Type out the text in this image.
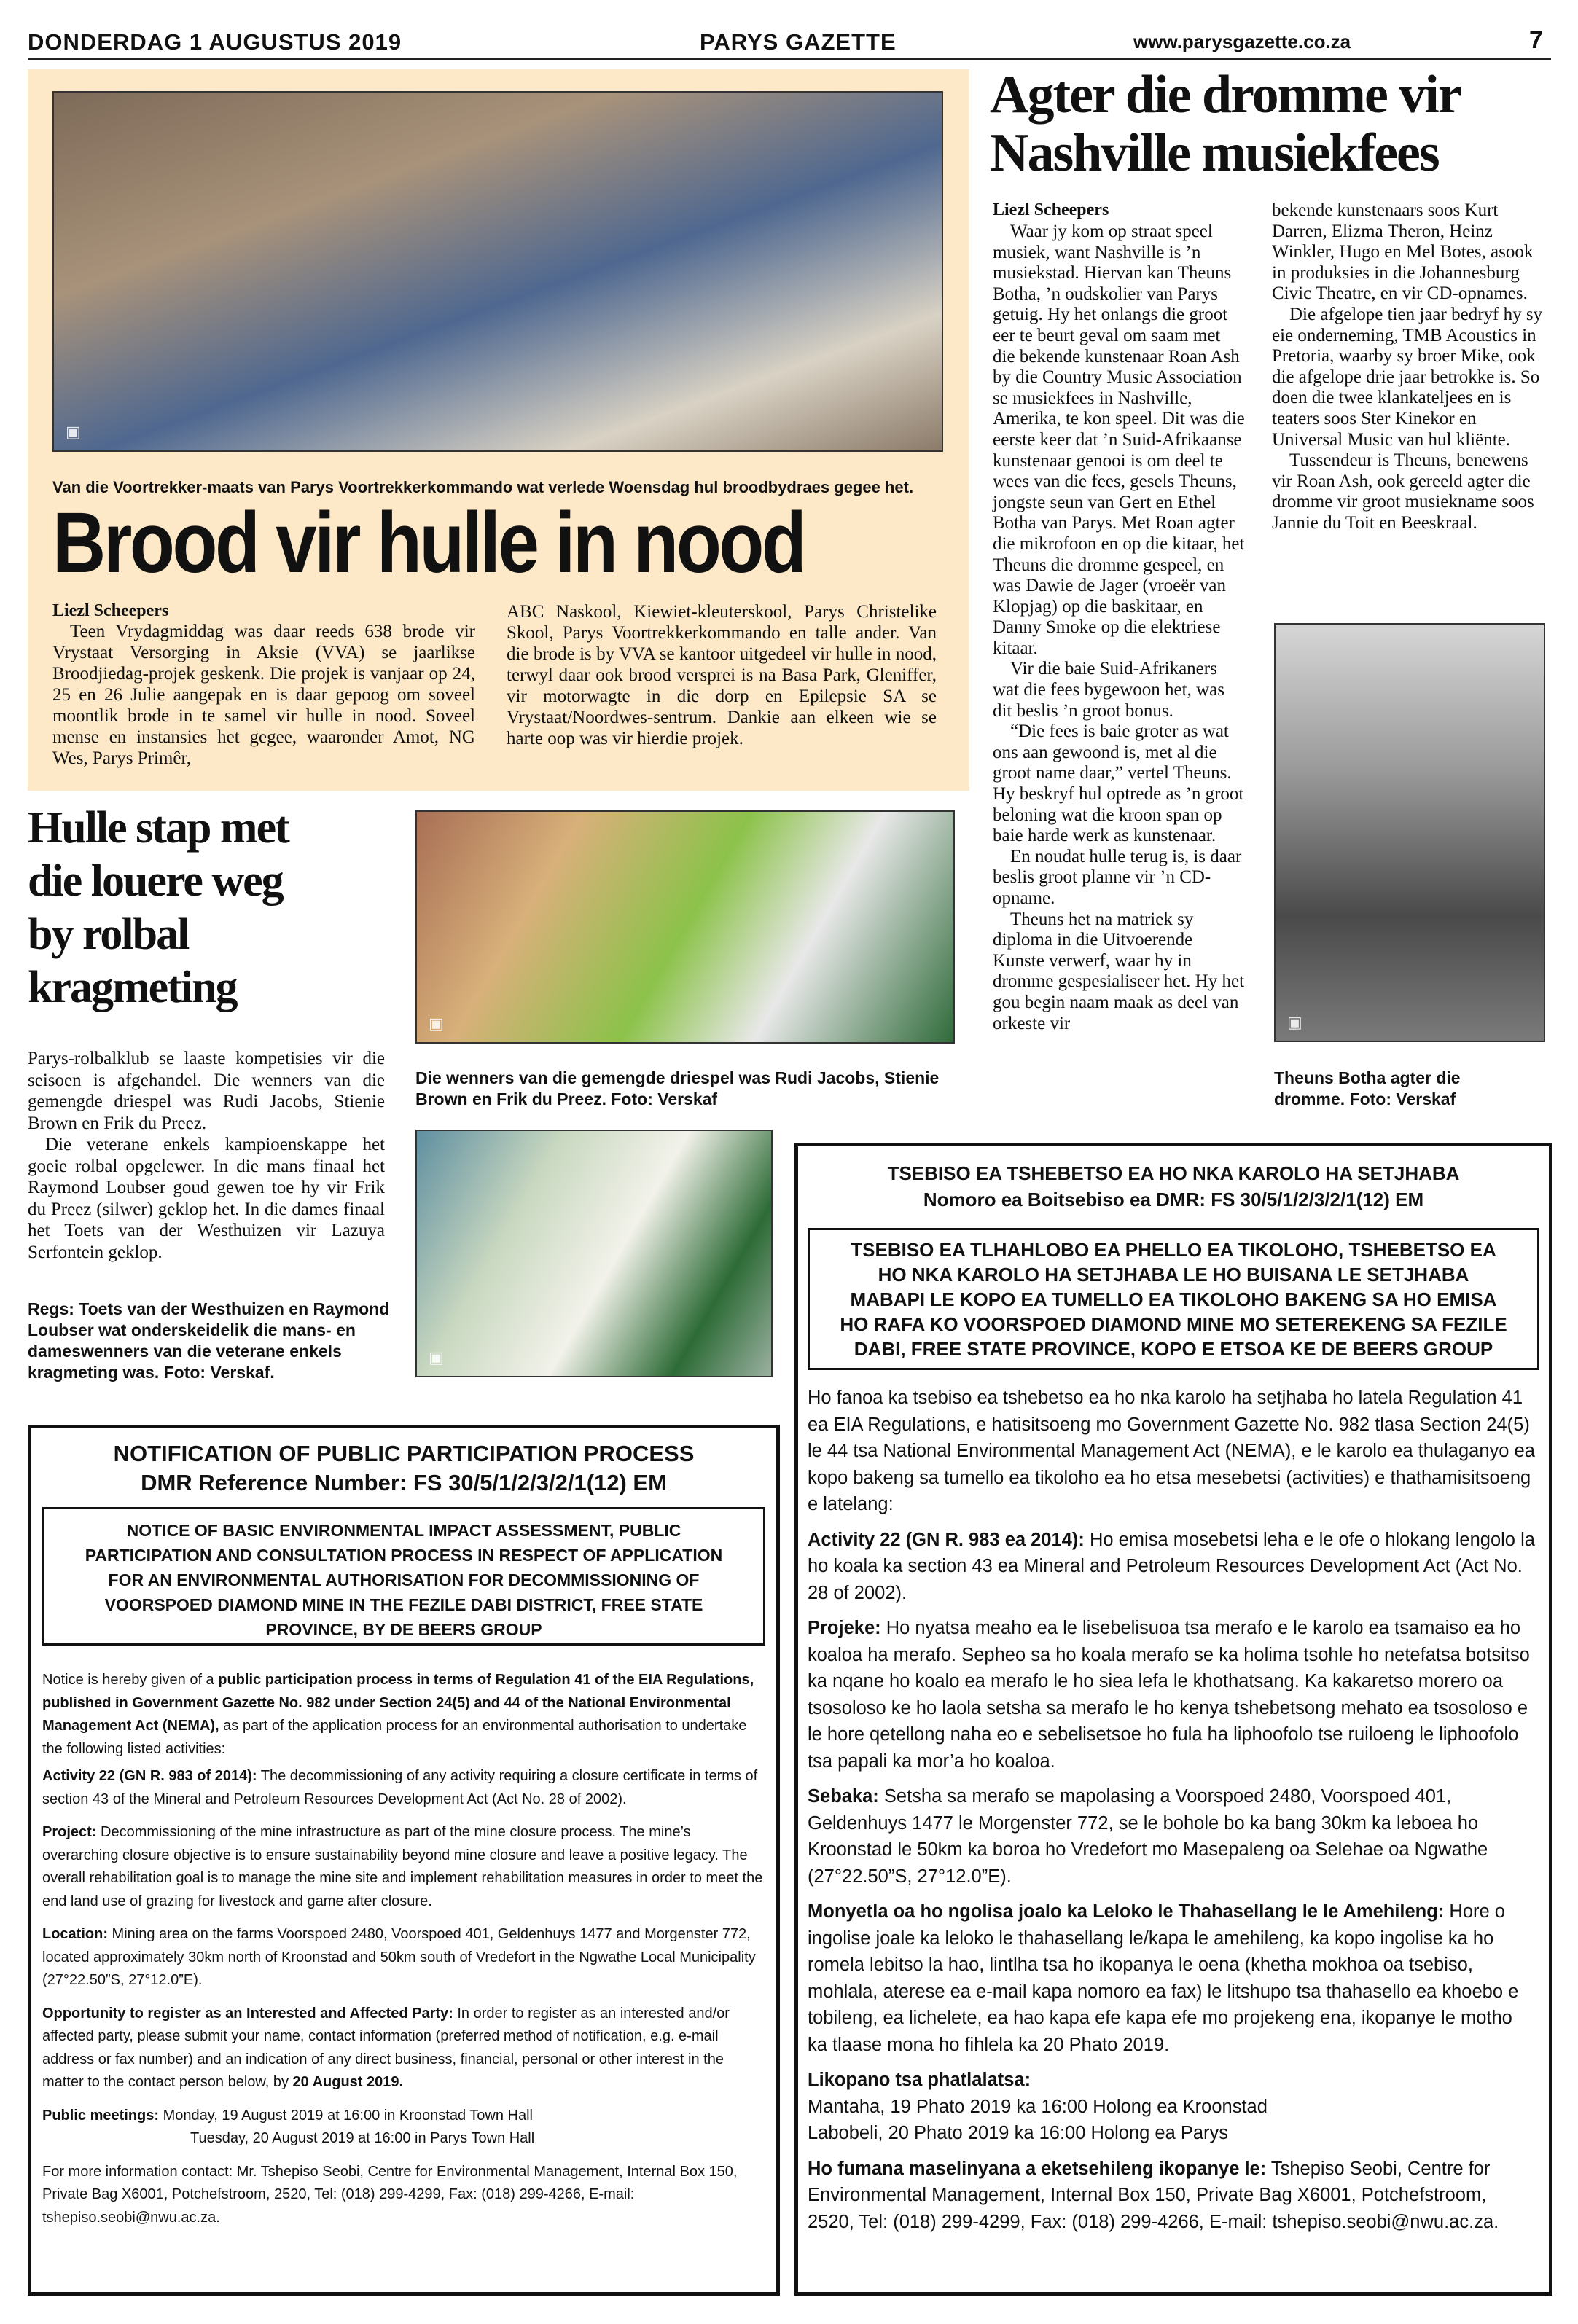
DONDERDAG 1 AUGUSTUS 2019	PARYS GAZETTE	www.parysgazette.co.za	7
▣
Van die Voortrekker-maats van Parys Voortrekkerkommando wat verlede Woensdag hul broodbydraes gegee het.
Brood vir hulle in nood
Liezl Scheepers

Teen Vrydagmiddag was daar reeds 638 brode vir Vrystaat Versorging in Aksie (VVA) se jaarlikse Broodjiedag-projek geskenk. Die projek is vanjaar op 24, 25 en 26 Julie aangepak en is daar gepoog om soveel moontlik brode in te samel vir hulle in nood. Soveel mense en instansies het gegee, waaronder Amot, NG Wes, Parys Primêr,

ABC Naskool, Kiewiet-kleuterskool, Parys Christelike Skool, Parys Voortrekkerkommando en talle ander. Van die brode is by VVA se kantoor uitgedeel vir hulle in nood, terwyl daar ook brood versprei is na Basa Park, Gleniffer, vir motorwagte in die dorp en Epilepsie SA se Vrystaat/Noordwes-sentrum. Dankie aan elkeen wie se harte oop was vir hierdie projek.
Agter die dromme vir
Nashville musiekfees
Liezl Scheepers

Waar jy kom op straat speel musiek, want Nashville is ’n musiekstad. Hiervan kan Theuns Botha, ’n oudskolier van Parys getuig. Hy het onlangs die groot eer te beurt geval om saam met die bekende kunstenaar Roan Ash by die Country Music Association se musiekfees in Nashville, Amerika, te kon speel. Dit was die eerste keer dat ’n Suid-Afrikaanse kunstenaar genooi is om deel te wees van die fees, gesels Theuns, jongste seun van Gert en Ethel Botha van Parys. Met Roan agter die mikrofoon en op die kitaar, het Theuns die dromme gespeel, en was Dawie de Jager (vroeër van Klopjag) op die baskitaar, en Danny Smoke op die elektriese kitaar.

Vir die baie Suid-Afrikaners wat die fees bygewoon het, was dit beslis ’n groot bonus.

“Die fees is baie groter as wat ons aan gewoond is, met al die groot name daar,” vertel Theuns. Hy beskryf hul optrede as ’n groot beloning wat die kroon span op baie harde werk as kunstenaar.

En noudat hulle terug is, is daar beslis groot planne vir ’n CD-opname.

Theuns het na matriek sy diploma in die Uitvoerende Kunste verwerf, waar hy in dromme gespesialiseer het. Hy het gou begin naam maak as deel van orkeste vir

bekende kunstenaars soos Kurt Darren, Elizma Theron, Heinz Winkler, Hugo en Mel Botes, asook in produksies in die Johannesburg Civic Theatre, en vir CD-opnames.

Die afgelope tien jaar bedryf hy sy eie onderneming, TMB Acoustics in Pretoria, waarby sy broer Mike, ook die afgelope drie jaar betrokke is. So doen die twee klankateljees en is teaters soos Ster Kinekor en Universal Music van hul kliënte.

Tussendeur is Theuns, benewens vir Roan Ash, ook gereeld agter die dromme vir groot musiekname soos Jannie du Toit en Beeskraal.

▣
Theuns Botha agter die dromme. Foto: Verskaf
Hulle stap met
die louere weg
by rolbal
kragmeting

Parys-rolbalklub se laaste kompetisies vir die seisoen is afgehandel. Die wenners van die gemengde driespel was Rudi Jacobs, Stienie Brown en Frik du Preez.

Die veterane enkels kampioenskappe het goeie rolbal opgelewer. In die mans finaal het Raymond Loubser goud gewen toe hy vir Frik du Preez (silwer) geklop het. In die dames finaal het Toets van der Westhuizen vir Lazuya Serfontein geklop.

Regs: Toets van der Westhuizen en Raymond Loubser wat onderskeidelik die mans- en dameswenners van die veterane enkels kragmeting was. Foto: Verskaf.
▣
Die wenners van die gemengde driespel was Rudi Jacobs, Stienie Brown en Frik du Preez. Foto: Verskaf
▣
NOTIFICATION OF PUBLIC PARTICIPATION PROCESS
DMR Reference Number: FS 30/5/1/2/3/2/1(12) EM
NOTICE OF BASIC ENVIRONMENTAL IMPACT ASSESSMENT, PUBLIC PARTICIPATION AND CONSULTATION PROCESS IN RESPECT OF APPLICATION FOR AN ENVIRONMENTAL AUTHORISATION FOR DECOMMISSIONING OF VOORSPOED DIAMOND MINE IN THE FEZILE DABI DISTRICT, FREE STATE PROVINCE, BY DE BEERS GROUP
Notice is hereby given of a public participation process in terms of Regulation 41 of the EIA Regulations, published in Government Gazette No. 982 under Section 24(5) and 44 of the National Environmental Management Act (NEMA), as part of the application process for an environmental authorisation to undertake the following listed activities:
Activity 22 (GN R. 983 of 2014): The decommissioning of any activity requiring a closure certificate in terms of section 43 of the Mineral and Petroleum Resources Development Act (Act No. 28 of 2002).
Project: Decommissioning of the mine infrastructure as part of the mine closure process. The mine’s overarching closure objective is to ensure sustainability beyond mine closure and leave a positive legacy. The overall rehabilitation goal is to manage the mine site and implement rehabilitation measures in order to meet the end land use of grazing for livestock and game after closure.
Location: Mining area on the farms Voorspoed 2480, Voorspoed 401, Geldenhuys 1477 and Morgenster 772, located approximately 30km north of Kroonstad and 50km south of Vredefort in the Ngwathe Local Municipality (27°22.50”S, 27°12.0”E).
Opportunity to register as an Interested and Affected Party: In order to register as an interested and/or affected party, please submit your name, contact information (preferred method of notification, e.g. e-mail address or fax number) and an indication of any direct business, financial, personal or other interest in the matter to the contact person below, by 20 August 2019.
Public meetings: Monday, 19 August 2019 at 16:00 in Kroonstad Town Hall
Tuesday, 20 August 2019 at 16:00 in Parys Town Hall
For more information contact: Mr. Tshepiso Seobi, Centre for Environmental Management, Internal Box 150, Private Bag X6001, Potchefstroom, 2520, Tel: (018) 299-4299, Fax: (018) 299-4266, E-mail: tshepiso.seobi@nwu.ac.za.
TSEBISO EA TSHEBETSO EA HO NKA KAROLO HA SETJHABA
Nomoro ea Boitsebiso ea DMR: FS 30/5/1/2/3/2/1(12) EM
TSEBISO EA TLHAHLOBO EA PHELLO EA TIKOLOHO, TSHEBETSO EA HO NKA KAROLO HA SETJHABA LE HO BUISANA LE SETJHABA MABAPI LE KOPO EA TUMELLO EA TIKOLOHO BAKENG SA HO EMISA HO RAFA KO VOORSPOED DIAMOND MINE MO SETEREKENG SA FEZILE DABI, FREE STATE PROVINCE, KOPO E ETSOA KE DE BEERS GROUP
Ho fanoa ka tsebiso ea tshebetso ea ho nka karolo ha setjhaba ho latela Regulation 41 ea EIA Regulations, e hatisitsoeng mo Government Gazette No. 982 tlasa Section 24(5) le 44 tsa National Environmental Management Act (NEMA), e le karolo ea thulaganyo ea kopo bakeng sa tumello ea tikoloho ea ho etsa mesebetsi (activities) e thathamisitsoeng e latelang:
Activity 22 (GN R. 983 ea 2014): Ho emisa mosebetsi leha e le ofe o hlokang lengolo la ho koala ka section 43 ea Mineral and Petroleum Resources Development Act (Act No. 28 of 2002).
Projeke: Ho nyatsa meaho ea le lisebelisuoa tsa merafo e le karolo ea tsamaiso ea ho koaloa ha merafo. Sepheo sa ho koala merafo se ka holima tsohle ho netefatsa botsitso ka nqane ho koalo ea merafo le ho siea lefa le khothatsang. Ka kakaretso morero oa tsosoloso ke ho laola setsha sa merafo le ho kenya tshebetsong mehato ea tsosoloso e le hore qetellong naha eo e sebelisetsoe ho fula ha liphoofolo tse ruiloeng le liphoofolo tsa papali ka mor’a ho koaloa.
Sebaka: Setsha sa merafo se mapolasing a Voorspoed 2480, Voorspoed 401, Geldenhuys 1477 le Morgenster 772, se le bohole bo ka bang 30km ka leboea ho Kroonstad le 50km ka boroa ho Vredefort mo Masepaleng oa Selehae oa Ngwathe (27°22.50”S, 27°12.0”E).
Monyetla oa ho ngolisa joalo ka Leloko le Thahasellang le le Amehileng: Hore o ingolise joale ka leloko le thahasellang le/kapa le amehileng, ka kopo ingolise ka ho romela lebitso la hao, lintlha tsa ho ikopanya le oena (khetha mokhoa oa tsebiso, mohlala, aterese ea e-mail kapa nomoro ea fax) le litshupo tsa thahasello ea khoebo e tobileng, ea lichelete, ea hao kapa efe kapa efe mo projekeng ena, ikopanye le motho ka tlaase mona ho fihlela ka 20 Phato 2019.
Likopano tsa phatlalatsa:
Mantaha, 19 Phato 2019 ka 16:00 Holong ea Kroonstad
Labobeli, 20 Phato 2019 ka 16:00 Holong ea Parys
Ho fumana maselinyana a eketsehileng ikopanye le: Tshepiso Seobi, Centre for Environmental Management, Internal Box 150, Private Bag X6001, Potchefstroom, 2520, Tel: (018) 299-4299, Fax: (018) 299-4266, E-mail: tshepiso.seobi@nwu.ac.za.
